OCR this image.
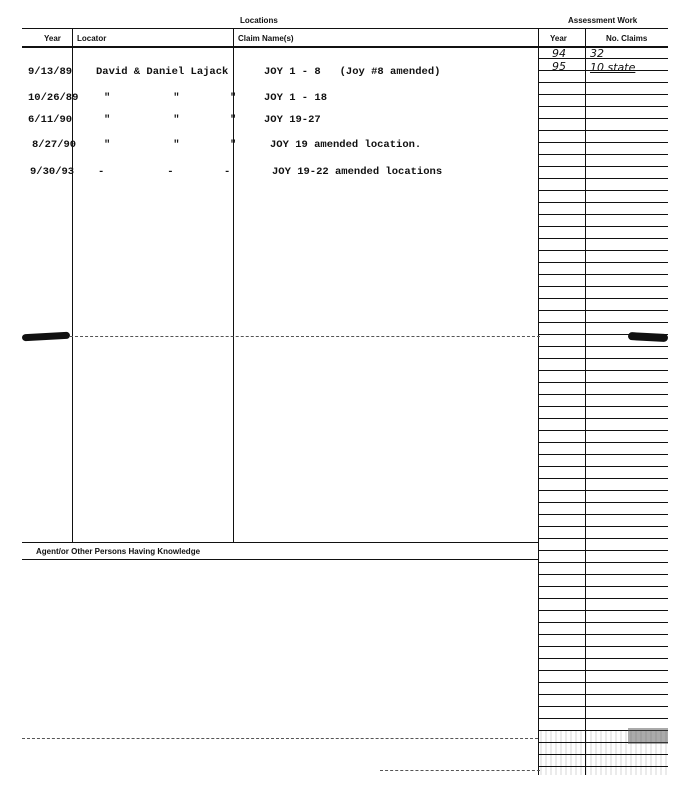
Locations	Assessment Work
Year Locator	Claim Name(s)	Year	No. Claims
Agent/or Other Persons Having Knowledge
9/13/89 David & Daniel Lajack	JOY 1 - 8   (Joy #8 amended)
10/26/89 "          "        "	JOY 1 - 18
6/11/90	"          "        "	JOY 19-27
8/27/90	"          "        "	JOY 19 amended location.
9/30/93 -          -        -	JOY 19-22 amended locations
94 32
95 10 state
